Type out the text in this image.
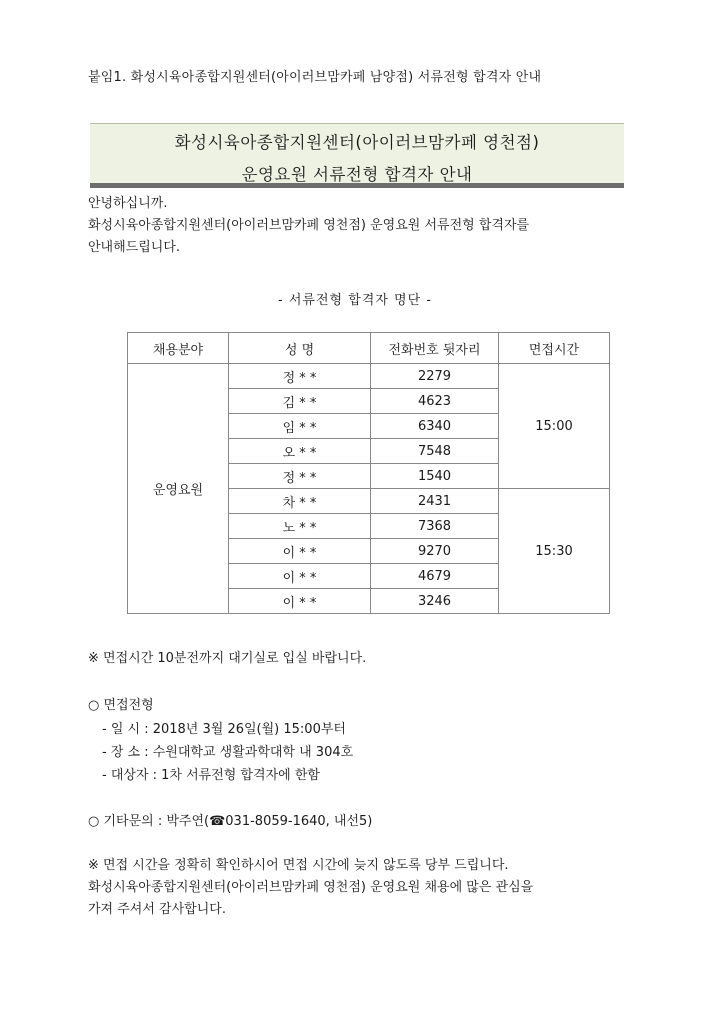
붙임1. 화성시육아종합지원센터(아이러브맘카페 남양점) 서류전형 합격자 안내
화성시육아종합지원센터(아이러브맘카페 영천점)
운영요원 서류전형 합격자 안내
안녕하십니까.
화성시육아종합지원센터(아이러브맘카페 영천점) 운영요원 서류전형 합격자를
안내해드립니다.
- 서류전형 합격자 명단 -
채용분야	성 명	전화번호 뒷자리	면접시간
운영요원	정 * *	2279	15:00
	김 * *	4623	
	임 * *	6340	
	오 * *	7548	
	정 * *	1540	
	차 * *	2431	15:30
	노 * *	7368	
	이 * *	9270	
	이 * *	4679	
	이 * *	3246	
※ 면접시간 10분전까지 대기실로 입실 바랍니다.
○ 면접전형
- 일 시 : 2018년 3월 26일(월) 15:00부터
- 장 소 : 수원대학교 생활과학대학 내 304호
- 대상자 : 1차 서류전형 합격자에 한함
○ 기타문의 : 박주연(☎031-8059-1640, 내선5)
※ 면접 시간을 정확히 확인하시어 면접 시간에 늦지 않도록 당부 드립니다.
화성시육아종합지원센터(아이러브맘카페 영천점) 운영요원 채용에 많은 관심을
가져 주셔서 감사합니다.
